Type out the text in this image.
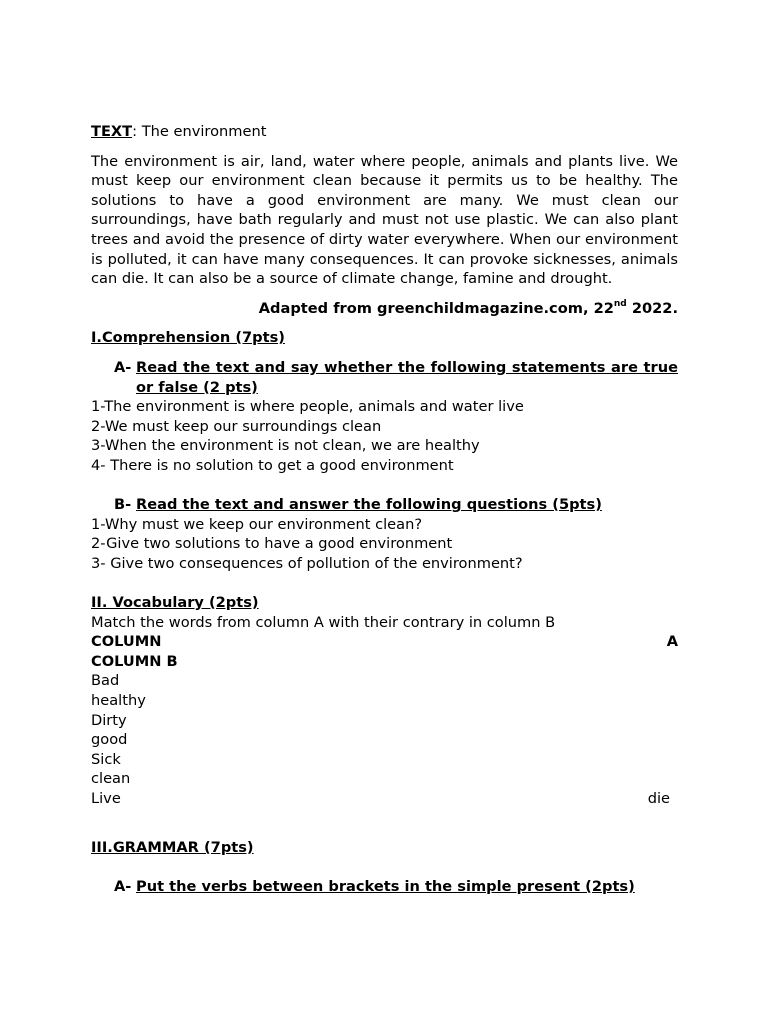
TEXT: The environment

The environment is air, land, water where people, animals and plants live. We must keep our environment clean because it permits us to be healthy. The solutions to have a good environment are many. We must clean our surroundings, have bath regularly and must not use plastic. We can also plant trees and avoid the presence of dirty water everywhere. When our environment is polluted, it can have many consequences. It can provoke sicknesses, animals can die. It can also be a source of climate change, famine and drought.

Adapted from greenchildmagazine.com, 22nd 2022.

I.Comprehension (7pts)

A- Read the text and say whether the following statements are true or false (2 pts)

1-The environment is where people, animals and water live

2-We must keep our surroundings clean

3-When the environment is not clean, we are healthy

4- There is no solution to get a good environment

B- Read the text and answer the following questions (5pts)

1-Why must we keep our environment clean?

2-Give two solutions to have a good environment

3- Give two consequences of pollution of the environment?

II. Vocabulary (2pts)

Match the words from column A with their contrary in column B

COLUMN	A

COLUMN B

Bad

healthy

Dirty

good

Sick

clean

Live	die

III.GRAMMAR (7pts)

A- Put the verbs between brackets in the simple present (2pts)
